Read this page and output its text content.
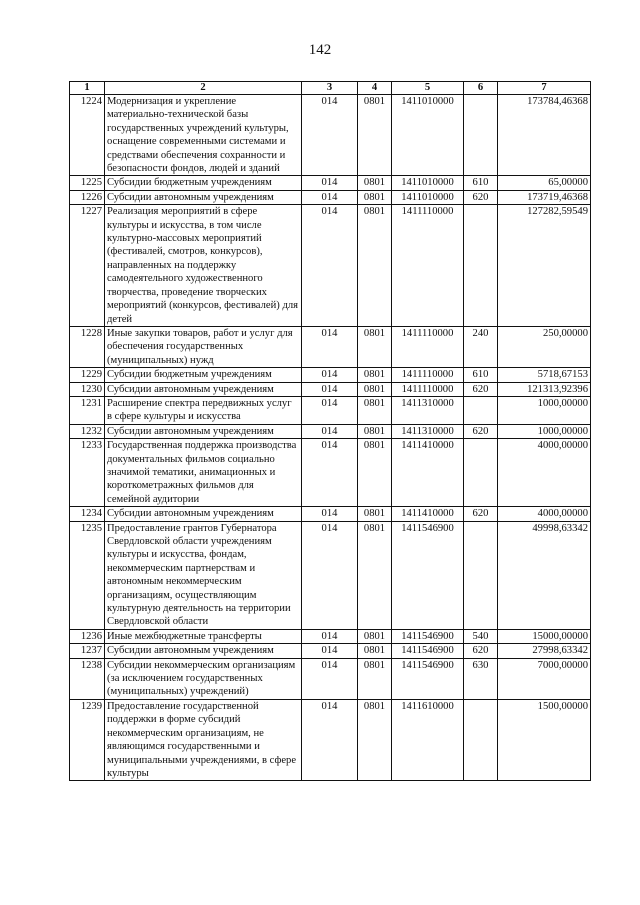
142
1	2	3	4	5	6	7
1224	Модернизация и укрепление материально-технической базы государственных учреждений культуры, оснащение современными системами и средствами обеспечения сохранности и безопасности фондов, людей и зданий	014	0801	1411010000		173784,46368
1225	Субсидии бюджетным учреждениям	014	0801	1411010000	610	65,00000
1226	Субсидии автономным учреждениям	014	0801	1411010000	620	173719,46368
1227	Реализация мероприятий в сфере культуры и искусства, в том числе культурно-массовых мероприятий (фестивалей, смотров, конкурсов), направленных на поддержку самодеятельного художественного творчества, проведение творческих мероприятий (конкурсов, фестивалей) для детей	014	0801	1411110000		127282,59549
1228	Иные закупки товаров, работ и услуг для обеспечения государственных (муниципальных) нужд	014	0801	1411110000	240	250,00000
1229	Субсидии бюджетным учреждениям	014	0801	1411110000	610	5718,67153
1230	Субсидии автономным учреждениям	014	0801	1411110000	620	121313,92396
1231	Расширение спектра передвижных услуг в сфере культуры и искусства	014	0801	1411310000		1000,00000
1232	Субсидии автономным учреждениям	014	0801	1411310000	620	1000,00000
1233	Государственная поддержка производства документальных фильмов социально значимой тематики, анимационных и короткометражных фильмов для семейной аудитории	014	0801	1411410000		4000,00000
1234	Субсидии автономным учреждениям	014	0801	1411410000	620	4000,00000
1235	Предоставление грантов Губернатора Свердловской области учреждениям культуры и искусства, фондам, некоммерческим партнерствам и автономным некоммерческим организациям, осуществляющим культурную деятельность на территории Свердловской области	014	0801	1411546900		49998,63342
1236	Иные межбюджетные трансферты	014	0801	1411546900	540	15000,00000
1237	Субсидии автономным учреждениям	014	0801	1411546900	620	27998,63342
1238	Субсидии некоммерческим организациям (за исключением государственных (муниципальных) учреждений)	014	0801	1411546900	630	7000,00000
1239	Предоставление государственной поддержки в форме субсидий некоммерческим организациям, не являющимся государственными и муниципальными учреждениями, в сфере культуры	014	0801	1411610000		1500,00000
